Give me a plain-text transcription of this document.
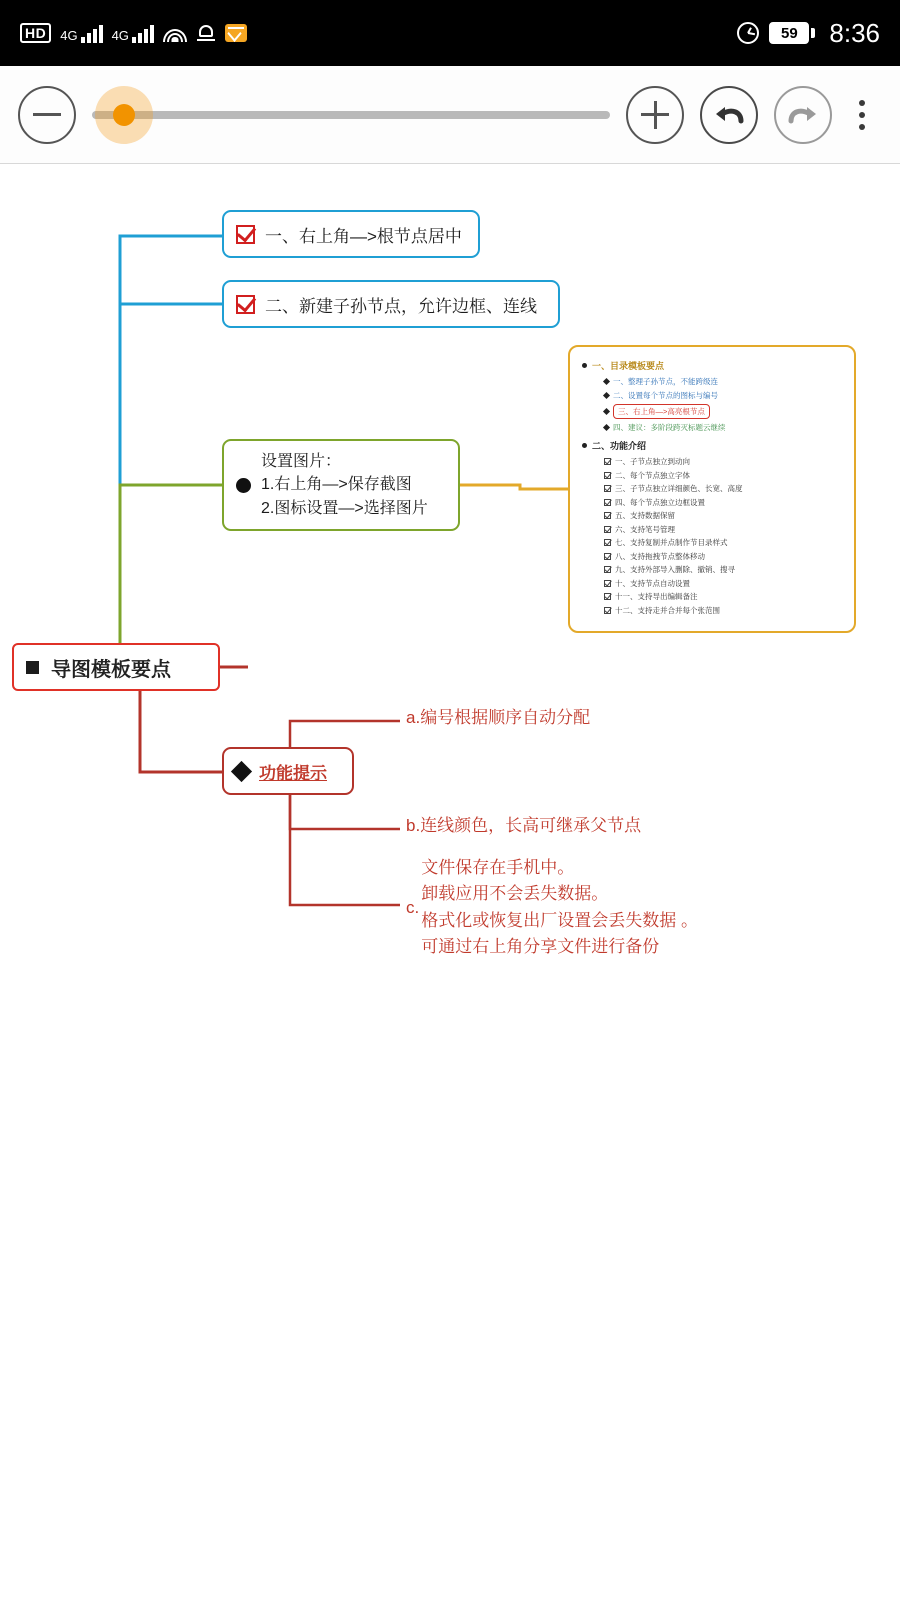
HD	4G	4G	59	8:36
导图模板要点
一、右上角—>根节点居中
二、新建子孙节点，允许边框、连线
设置图片：
1.右上角—>保存截图
2.图标设置—>选择图片
功能提示
a.编号根据顺序自动分配
b.连线颜色，长高可继承父节点
c.
文件保存在手机中。
卸载应用不会丢失数据。
格式化或恢复出厂设置会丢失数据 。
可通过右上角分享文件进行备份
一、目录模板要点
一、整理子孙节点，不能跨级连
二、设置每个节点的图标与编号
三、右上角—>高亮根节点
四、建议：多阶段跨灭标题云继续
二、功能介绍
一、子节点独立到动向
二、每个节点独立字体
三、子节点独立详细颜色、长宽、高度
四、每个节点独立边框设置
五、支持数据保留
六、支持笔号管理
七、支持复制并点制作节目录样式
八、支持拖拽节点整体移动
九、支持外部导入删除、撤销、搜寻
十、支持节点自动设置
十一、支持导出编辑备注
十二、支持走并合并每个张范围
